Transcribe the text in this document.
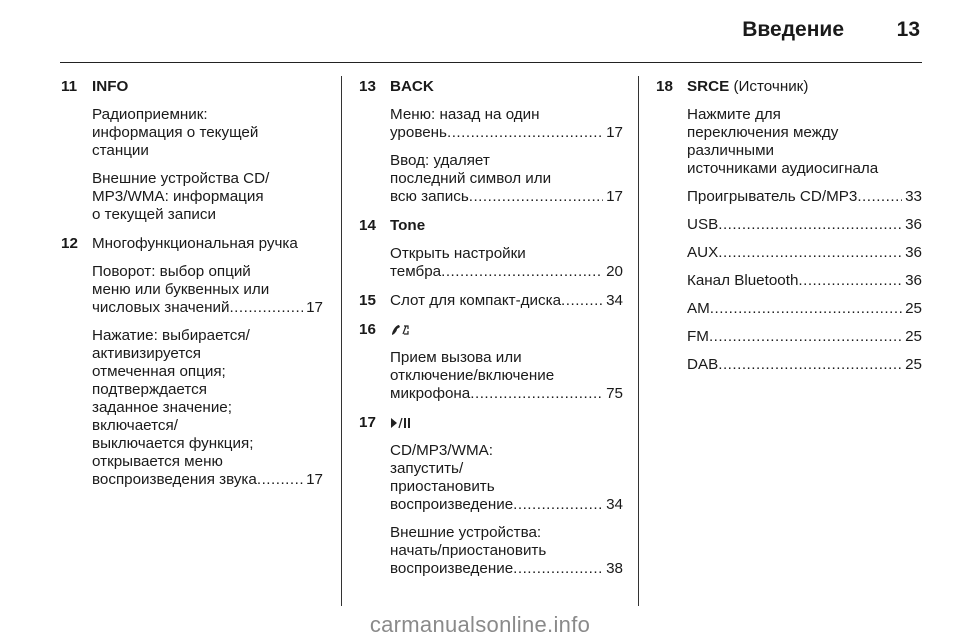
Введение	13
11 INFO
Радиоприемник:
информация о текущей
станции
Внешние устройства CD/
MP3/WMA: информация
о текущей записи
12 Многофункциональная ручка
Поворот: выбор опций
меню или буквенных или
числовых значений .....	17
Нажатие: выбирается/
активизируется
отмеченная опция;
подтверждается
заданное значение;
включается/
выключается функция;
открывается меню
воспроизведения звука .....	17
13 BACK
Меню: назад на один
уровень .....	17
Ввод: удаляет
последний символ или
всю запись .....	17
14 Tone
Открыть настройки
тембра .....	20
15 Слот для компакт-диска .....	34
16
Прием вызова или
отключение/включение
микрофона .....	75
17
CD/MP3/WMA:
запустить/
приостановить
воспроизведение .....	34
Внешние устройства:
начать/приостановить
воспроизведение .....	38
18 SRCE (Источник)
Нажмите для
переключения между
различными
источниками аудиосигнала
Проигрыватель CD/MP3 .....	33
USB .....	36
AUX .....	36
Канал Bluetooth .....	36
AM .....	25
FM .....	25
DAB .....	25
carmanualsonline.info
